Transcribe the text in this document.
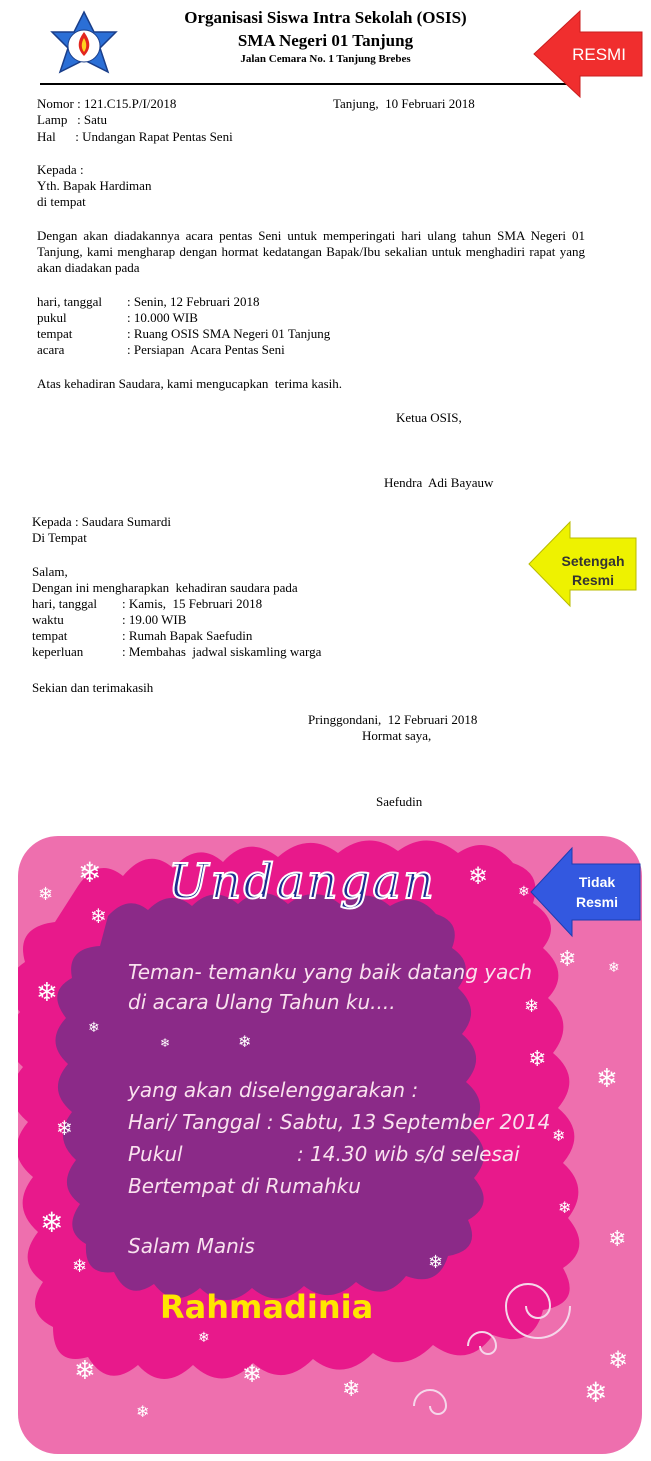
Organisasi Siswa Intra Sekolah (OSIS)
SMA Negeri 01 Tanjung
Jalan Cemara No. 1 Tanjung Brebes	RESMI
Nomor : 121.C15.P/I/2018	Tanjung,  10 Februari 2018
Lamp   : Satu
Hal      : Undangan Rapat Pentas Seni
Kepada :
Yth. Bapak Hardiman
di tempat
Dengan akan diadakannya acara pentas Seni untuk memperingati hari ulang tahun SMA Negeri 01 Tanjung, kami mengharap dengan hormat kedatangan Bapak/Ibu sekalian untuk menghadiri rapat yang akan diadakan pada
hari, tanggal : Senin, 12 Februari 2018
pukul	: 10.000 WIB
tempat	: Ruang OSIS SMA Negeri 01 Tanjung
acara	: Persiapan  Acara Pentas Seni
Atas kehadiran Saudara, kami mengucapkan  terima kasih.
Ketua OSIS,
Hendra  Adi Bayauw
Kepada : Saudara Sumardi
Di Tempat
Salam,
Dengan ini mengharapkan  kehadiran saudara pada
hari, tanggal : Kamis,  15 Februari 2018
waktu	: 19.00 WIB
tempat	: Rumah Bapak Saefudin
keperluan	: Membahas  jadwal siskamling warga
Sekian dan terimakasih
Pringgondani,  12 Februari 2018
Hormat saya,
Saefudin
Setengah
Resmi
Undangan
Teman- temanku yang baik datang yach
di acara Ulang Tahun ku....
yang akan diselenggarakan :
Hari/ Tanggal : Sabtu, 13 September 2014
Pukul                  : 14.30 wib s/d selesai
Bertempat di Rumahku
Salam Manis
Rahmadinia
❄
❄
❄
❄
❄
❄
❄
❄
❄
❄
❄
❄
❄
❄
❄
❄
❄ ❄
❄
❄
❄
❄
❄
❄
❄
❄
❄
❄
Tidak
Resmi
